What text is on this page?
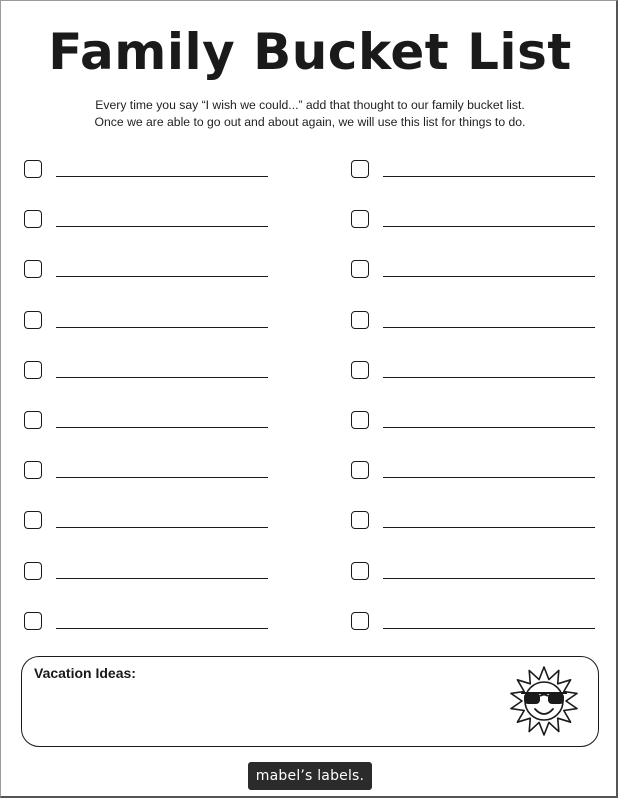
Family Bucket List
Every time you say “I wish we could...” add that thought to our family bucket list.
Once we are able to go out and about again, we will use this list for things to do.
Vacation Ideas:
mabel’s labels.
